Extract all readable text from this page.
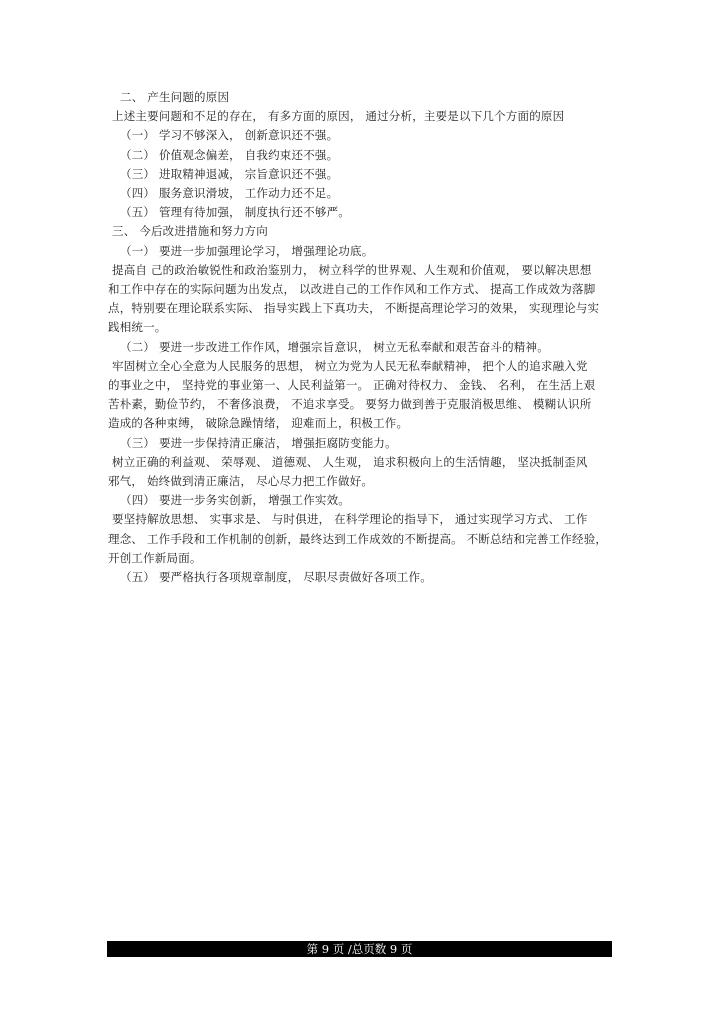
二、 产生问题的原因
上述主要问题和不足的存在， 有多方面的原因， 通过分析，主要是以下几个方面的原因
（一） 学习不够深入， 创新意识还不强。
（二） 价值观念偏差， 自我约束还不强。
（三） 进取精神退减， 宗旨意识还不强。
（四） 服务意识滑坡， 工作动力还不足。
（五） 管理有待加强， 制度执行还不够严。
三、 今后改进措施和努力方向
（一） 要进一步加强理论学习， 增强理论功底。
提高自 己的政治敏锐性和政治鉴别力， 树立科学的世界观、人生观和价值观， 要以解决思想
和工作中存在的实际问题为出发点， 以改进自己的工作作风和工作方式、 提高工作成效为落脚
点，特别要在理论联系实际、 指导实践上下真功夫， 不断提高理论学习的效果， 实现理论与实
践相统一。
（二） 要进一步改进工作作风，增强宗旨意识， 树立无私奉献和艰苦奋斗的精神。
牢固树立全心全意为人民服务的思想， 树立为党为人民无私奉献精神， 把个人的追求融入党
的事业之中， 坚持党的事业第一、人民利益第一。 正确对待权力、 金钱、 名利， 在生活上艰
苦朴素，勤俭节约， 不奢侈浪费， 不追求享受。 要努力做到善于克服消极思维、 模糊认识所
造成的各种束缚， 破除急躁情绪， 迎难而上，积极工作。
（三） 要进一步保持清正廉洁， 增强拒腐防变能力。
树立正确的利益观、 荣辱观、 道德观、 人生观， 追求积极向上的生活情趣， 坚决抵制歪风
邪气， 始终做到清正廉洁， 尽心尽力把工作做好。
（四） 要进一步务实创新， 增强工作实效。
要坚持解放思想、 实事求是、 与时俱进， 在科学理论的指导下， 通过实现学习方式、 工作
理念、 工作手段和工作机制的创新，最终达到工作成效的不断提高。 不断总结和完善工作经验，
开创工作新局面。
（五） 要严格执行各项规章制度， 尽职尽责做好各项工作。
第 9 页 /总页数 9 页
